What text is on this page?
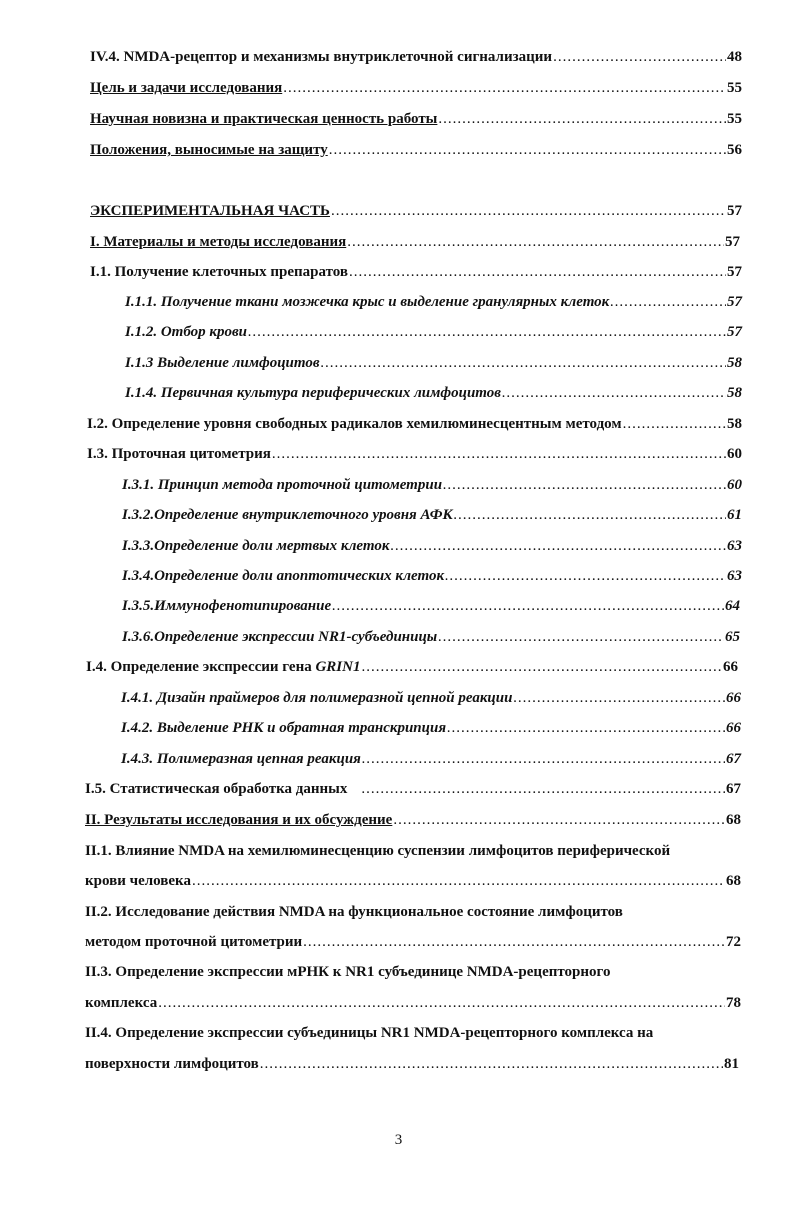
IV.4. NMDA-рецептор и механизмы внутриклеточной сигнализации .....	48
Цель и задачи исследования .....	55
Научная новизна и практическая ценность работы .....	55
Положения, выносимые на защиту .....	56
ЭКСПЕРИМЕНТАЛЬНАЯ ЧАСТЬ .....	57
I. Материалы и методы исследования .....	57
I.1. Получение клеточных препаратов .....	57
I.1.1. Получение ткани мозжечка крыс и выделение гранулярных клеток .....	57
I.1.2. Отбор крови .....	57
I.1.3 Выделение лимфоцитов .....	58
I.1.4. Первичная культура периферических лимфоцитов .....	58
I.2. Определение уровня свободных радикалов хемилюминесцентным методом .....	58
I.3. Проточная цитометрия .....	60
I.3.1. Принцип метода проточной цитометрии .....	60
I.3.2.Определение внутриклеточного уровня АФК .....	61
I.3.3.Определение доли мертвых клеток .....	63
I.3.4.Определение доли апоптотических клеток .....	63
I.3.5.Иммунофенотипирование .....	64
I.3.6.Определение экспрессии NR1-субъединицы .....	65
I.4. Определение экспрессии гена GRIN1 .....	66
I.4.1. Дизайн праймеров для полимеразной цепной реакции .....	66
I.4.2. Выделение РНК и обратная транскрипция .....	66
I.4.3. Полимеразная цепная реакция .....	67
I.5. Статистическая обработка данных .....	67
II. Результаты исследования и их обсуждение .....	68
II.1. Влияние NMDA на хемилюминесценцию суспензии лимфоцитов периферической
крови человека .....	68
II.2. Исследование действия NMDA на функциональное состояние лимфоцитов
методом проточной цитометрии .....	72
II.3. Определение экспрессии мРНК к NR1 субъединице NMDA-рецепторного
комплекса .....	78
II.4. Определение экспрессии субъединицы NR1 NMDA-рецепторного комплекса на
поверхности лимфоцитов .....	81
3
